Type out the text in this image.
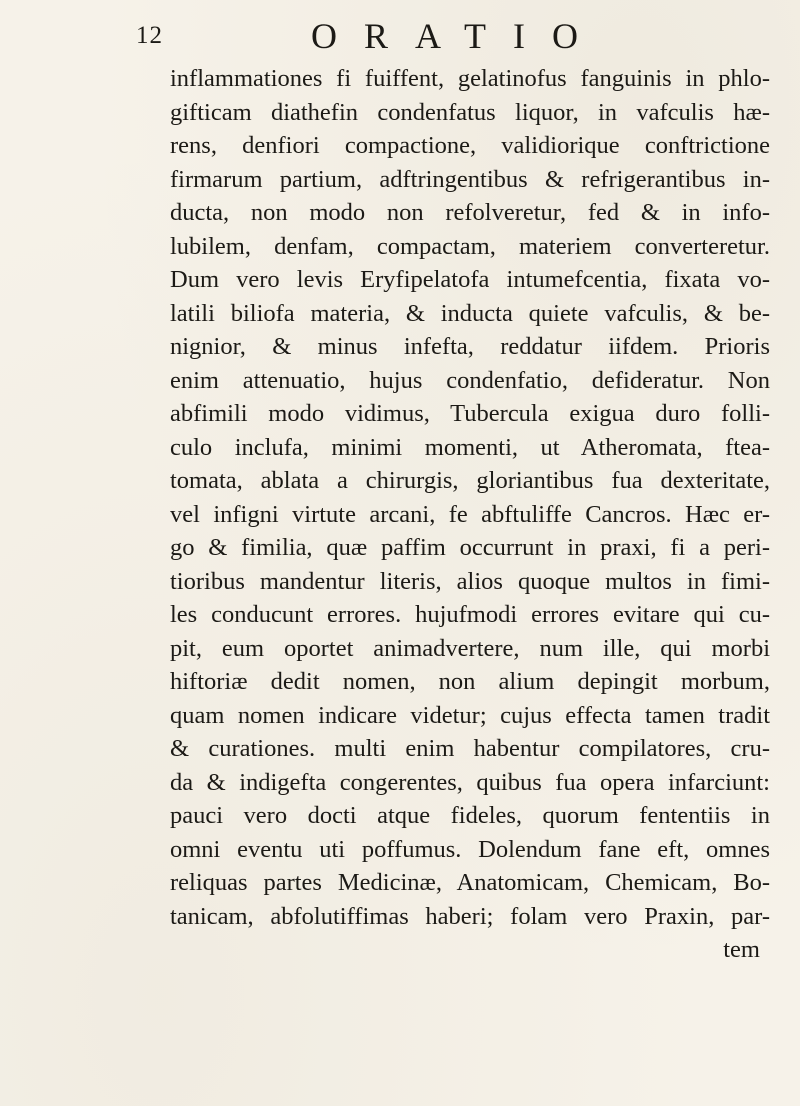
12	ORATIO
inflammationes fi fuiffent, gelatinofus fanguinis in phlo-
gifticam diathefin condenfatus liquor, in vafculis hæ-
rens, denfiori compactione, validiorique conftrictione
firmarum partium, adftringentibus & refrigerantibus in-
ducta, non modo non refolveretur, fed & in info-
lubilem, denfam, compactam, materiem converteretur.
Dum vero levis Eryfipelatofa intumefcentia, fixata vo-
latili biliofa materia, & inducta quiete vafculis, & be-
nignior, & minus infefta, reddatur iifdem. Prioris
enim attenuatio, hujus condenfatio, defideratur. Non
abfimili modo vidimus, Tubercula exigua duro folli-
culo inclufa, minimi momenti, ut Atheromata, ftea-
tomata, ablata a chirurgis, gloriantibus fua dexteritate,
vel infigni virtute arcani, fe abftuliffe Cancros. Hæc er-
go & fimilia, quæ paffim occurrunt in praxi, fi a peri-
tioribus mandentur literis, alios quoque multos in fimi-
les conducunt errores. hujufmodi errores evitare qui cu-
pit, eum oportet animadvertere, num ille, qui morbi
hiftoriæ dedit nomen, non alium depingit morbum,
quam nomen indicare videtur; cujus effecta tamen tradit
& curationes. multi enim habentur compilatores, cru-
da & indigefta congerentes, quibus fua opera infarciunt:
pauci vero docti atque fideles, quorum fententiis in
omni eventu uti poffumus. Dolendum fane eft, omnes
reliquas partes Medicinæ, Anatomicam, Chemicam, Bo-
tanicam, abfolutiffimas haberi; folam vero Praxin, par-
tem
